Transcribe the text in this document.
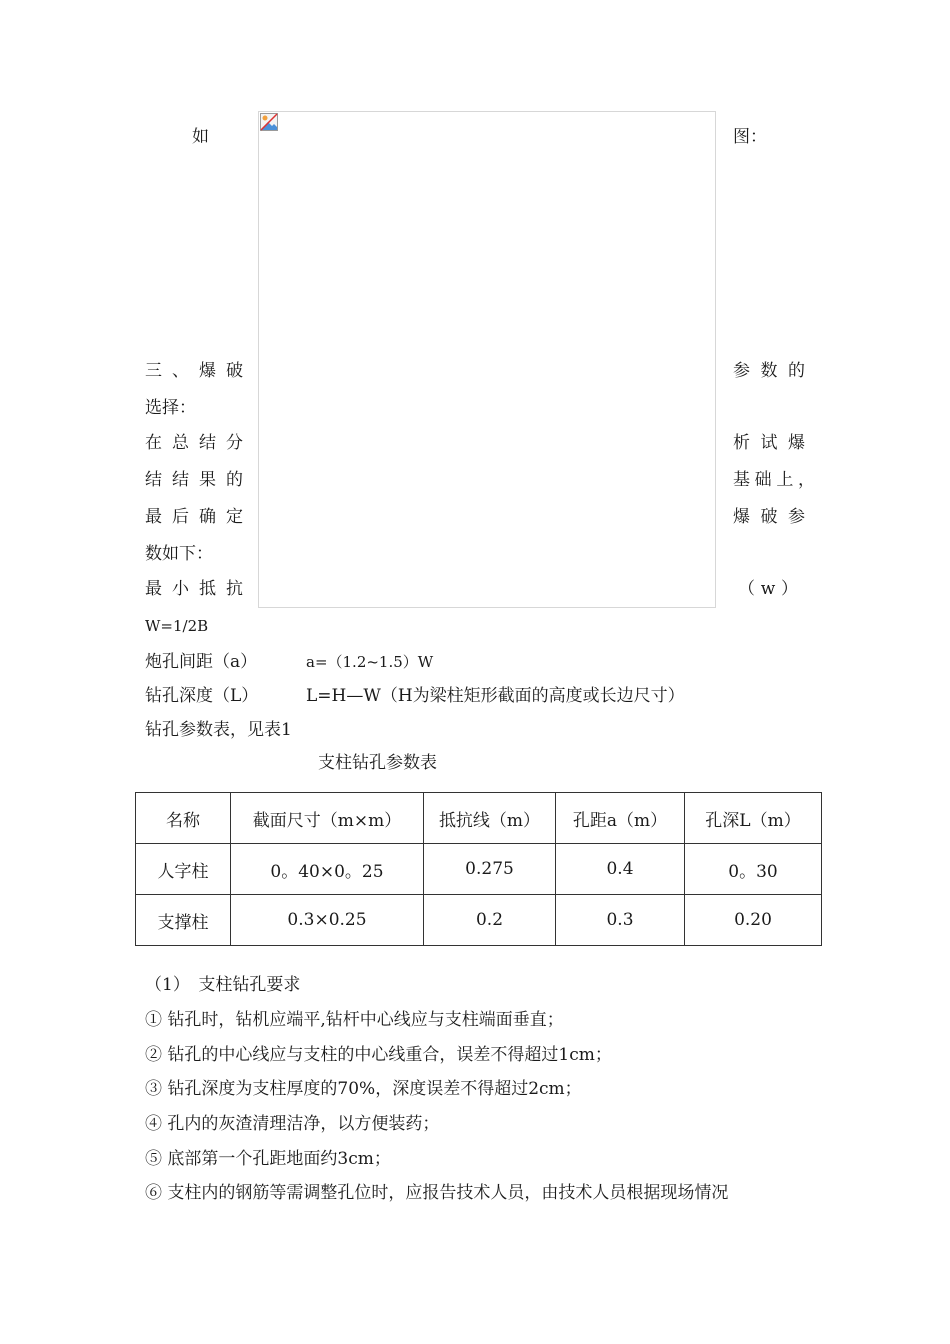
如	图：
三 、 爆 破	参 数 的
选择：
在 总 结 分	析 试 爆
结 结 果 的	基 础 上 ，
最 后 确 定	爆 破 参
数如下：
最 小 抵 抗	（ w ）
W=1/2B
炮孔间距（a）	a=（1.2~1.5）W
钻孔深度（L）	L=H—W（H为梁柱矩形截面的高度或长边尺寸）
钻孔参数表，见表1
支柱钻孔参数表
名称	截面尺寸（m×m）	抵抗线（m）	孔距a（m）	孔深L（m）
人字柱	0。40×0。25	0.275	0.4	0。30
支撑柱	0.3×0.25	0.2	0.3	0.20
（1）　支柱钻孔要求
① 钻孔时，钻机应端平,钻杆中心线应与支柱端面垂直；
② 钻孔的中心线应与支柱的中心线重合，误差不得超过1cm；
③ 钻孔深度为支柱厚度的70%，深度误差不得超过2cm；
④ 孔内的灰渣清理洁净，以方便装药；
⑤ 底部第一个孔距地面约3cm；
⑥ 支柱内的钢筋等需调整孔位时，应报告技术人员，由技术人员根据现场情况
